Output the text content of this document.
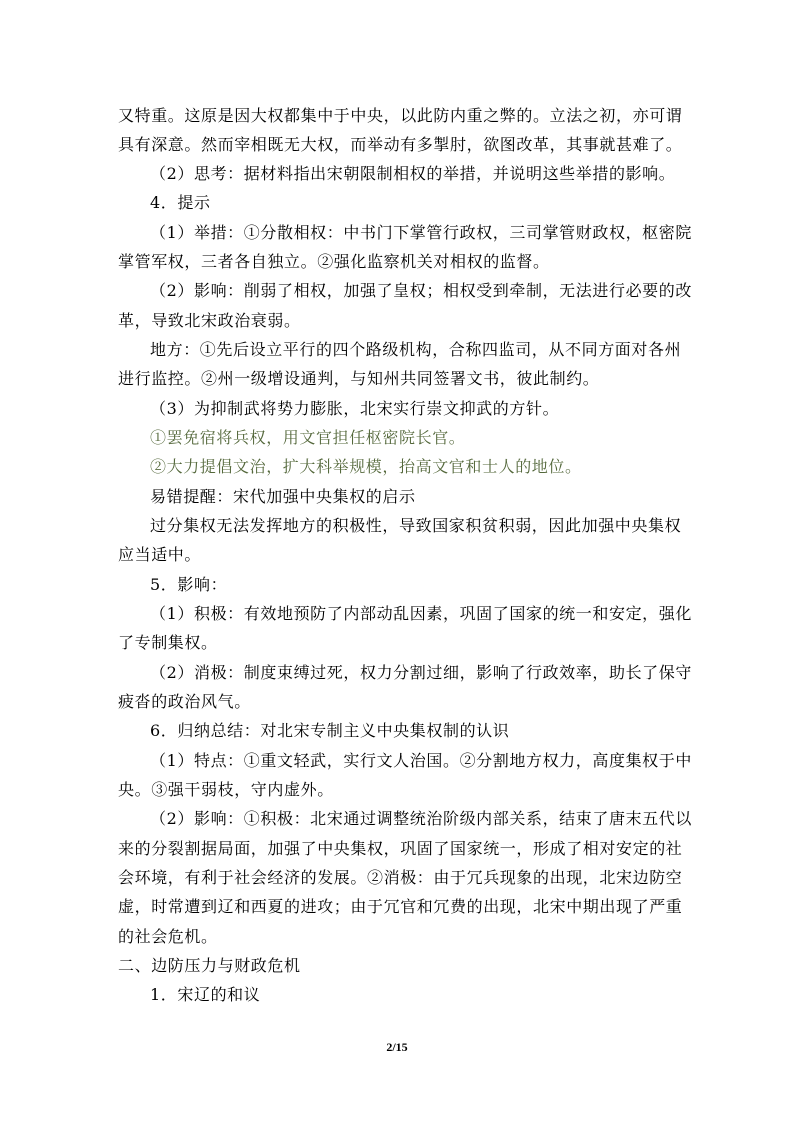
又特重。这原是因大权都集中于中央，以此防内重之弊的。立法之初，亦可谓
具有深意。然而宰相既无大权，而举动有多掣肘，欲图改革，其事就甚难了。
（2）思考：据材料指出宋朝限制相权的举措，并说明这些举措的影响。
4．提示
（1）举措：①分散相权：中书门下掌管行政权，三司掌管财政权，枢密院
掌管军权，三者各自独立。②强化监察机关对相权的监督。
（2）影响：削弱了相权，加强了皇权；相权受到牵制，无法进行必要的改
革，导致北宋政治衰弱。
地方：①先后设立平行的四个路级机构，合称四监司，从不同方面对各州
进行监控。②州一级增设通判，与知州共同签署文书，彼此制约。
（3）为抑制武将势力膨胀，北宋实行崇文抑武的方针。
①罢免宿将兵权，用文官担任枢密院长官。
②大力提倡文治，扩大科举规模，抬高文官和士人的地位。
易错提醒：宋代加强中央集权的启示
过分集权无法发挥地方的积极性，导致国家积贫积弱，因此加强中央集权
应当适中。
5．影响：
（1）积极：有效地预防了内部动乱因素，巩固了国家的统一和安定，强化
了专制集权。
（2）消极：制度束缚过死，权力分割过细，影响了行政效率，助长了保守
疲沓的政治风气。
6．归纳总结：对北宋专制主义中央集权制的认识
（1）特点：①重文轻武，实行文人治国。②分割地方权力，高度集权于中
央。③强干弱枝，守内虚外。
（2）影响：①积极：北宋通过调整统治阶级内部关系，结束了唐末五代以
来的分裂割据局面，加强了中央集权，巩固了国家统一，形成了相对安定的社
会环境，有利于社会经济的发展。②消极：由于冗兵现象的出现，北宋边防空
虚，时常遭到辽和西夏的进攻；由于冗官和冗费的出现，北宋中期出现了严重
的社会危机。
二、边防压力与财政危机
1．宋辽的和议
2/15
